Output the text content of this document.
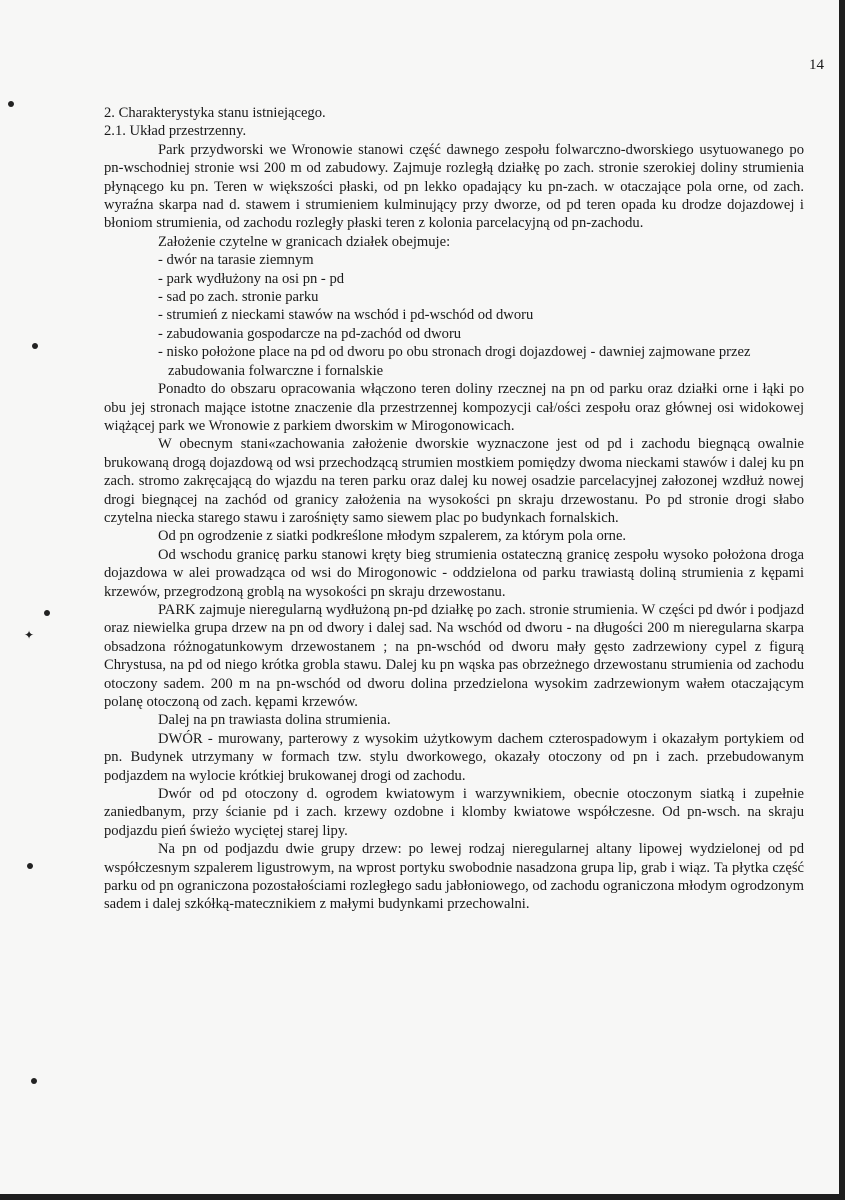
✦
14

2. Charakterystyka stanu istniejącego.

2.1. Układ przestrzenny.

Park przydworski we Wronowie stanowi część dawnego zespołu folwarczno-dworskiego usytuowanego po pn-wschodniej stronie wsi 200 m od zabudowy. Zajmuje rozległą działkę po zach. stronie szerokiej doliny strumienia płynącego ku pn. Teren w większości płaski, od pn lekko opadający ku pn-zach. w otaczające pola orne, od zach. wyraźna skarpa nad d. stawem i strumieniem kulminujący przy dworze, od pd teren opada ku drodze dojazdowej i błoniom strumienia, od zachodu rozległy płaski teren z kolonia parcelacyjną od pn-zachodu.

Założenie czytelne w granicach działek obejmuje:

- dwór na tarasie ziemnym
- park wydłużony na osi pn - pd
- sad po zach. stronie parku
- strumień z nieckami stawów na wschód i pd-wschód od dworu
- zabudowania gospodarcze na pd-zachód od dworu
- nisko położone place na pd od dworu po obu stronach drogi dojazdowej - dawniej zajmowane przez zabudowania folwarczne i fornalskie

Ponadto do obszaru opracowania włączono teren doliny rzecznej na pn od parku oraz działki orne i łąki po obu jej stronach mające istotne znaczenie dla przestrzennej kompozycji cał/ości zespołu oraz głównej osi widokowej wiążącej park we Wronowie z parkiem dworskim w Mirogonowicach.

W obecnym stani«zachowania założenie dworskie wyznaczone jest od pd i zachodu biegnącą owalnie brukowaną drogą dojazdową od wsi przechodzącą strumien mostkiem pomiędzy dwoma nieckami stawów i dalej ku pn zach. stromo zakręcającą do wjazdu na teren parku oraz dalej ku nowej osadzie parcelacyjnej załozonej wzdłuż nowej drogi biegnącej na zachód od granicy założenia na wysokości pn skraju drzewostanu. Po pd stronie drogi słabo czytelna niecka starego stawu i zarośnięty samo siewem plac po budynkach fornalskich.

Od pn ogrodzenie z siatki podkreślone młodym szpalerem, za którym pola orne.

Od wschodu granicę parku stanowi kręty bieg strumienia ostateczną granicę zespołu wysoko położona droga dojazdowa w alei prowadząca od wsi do Mirogonowic - oddzielona od parku trawiastą doliną strumienia z kępami krzewów, przegrodzoną groblą na wysokości pn skraju drzewostanu.

PARK zajmuje nieregularną wydłużoną pn-pd działkę po zach. stronie strumienia. W części pd dwór i podjazd oraz niewielka grupa drzew na pn od dwory i dalej sad. Na wschód od dworu - na długości 200 m nieregularna skarpa obsadzona różnogatunkowym drzewostanem ; na pn-wschód od dworu mały gęsto zadrzewiony cypel z figurą Chrystusa, na pd od niego krótka grobla stawu. Dalej ku pn wąska pas obrzeżnego drzewostanu strumienia od zachodu otoczony sadem. 200 m na pn-wschód od dworu dolina przedzielona wysokim zadrzewionym wałem otaczającym polanę otoczoną od zach. kępami krzewów.

Dalej na pn trawiasta dolina strumienia.

DWÓR - murowany, parterowy z wysokim użytkowym dachem czterospadowym i okazałym portykiem od pn. Budynek utrzymany w formach tzw. stylu dworkowego, okazały otoczony od pn i zach. przebudowanym podjazdem na wylocie krótkiej brukowanej drogi od zachodu.

Dwór od pd otoczony d. ogrodem kwiatowym i warzywnikiem, obecnie otoczonym siatką i zupełnie zaniedbanym, przy ścianie pd i zach. krzewy ozdobne i klomby kwiatowe współczesne. Od pn-wsch. na skraju podjazdu pień świeżo wyciętej starej lipy.

Na pn od podjazdu dwie grupy drzew: po lewej rodzaj nieregularnej altany lipowej wydzielonej od pd współczesnym szpalerem ligustrowym, na wprost portyku swobodnie nasadzona grupa lip, grab i wiąz. Ta płytka część parku od pn ograniczona pozostałościami rozległego sadu jabłoniowego, od zachodu ograniczona młodym ogrodzonym sadem i dalej szkółką-matecznikiem z małymi budynkami przechowalni.
